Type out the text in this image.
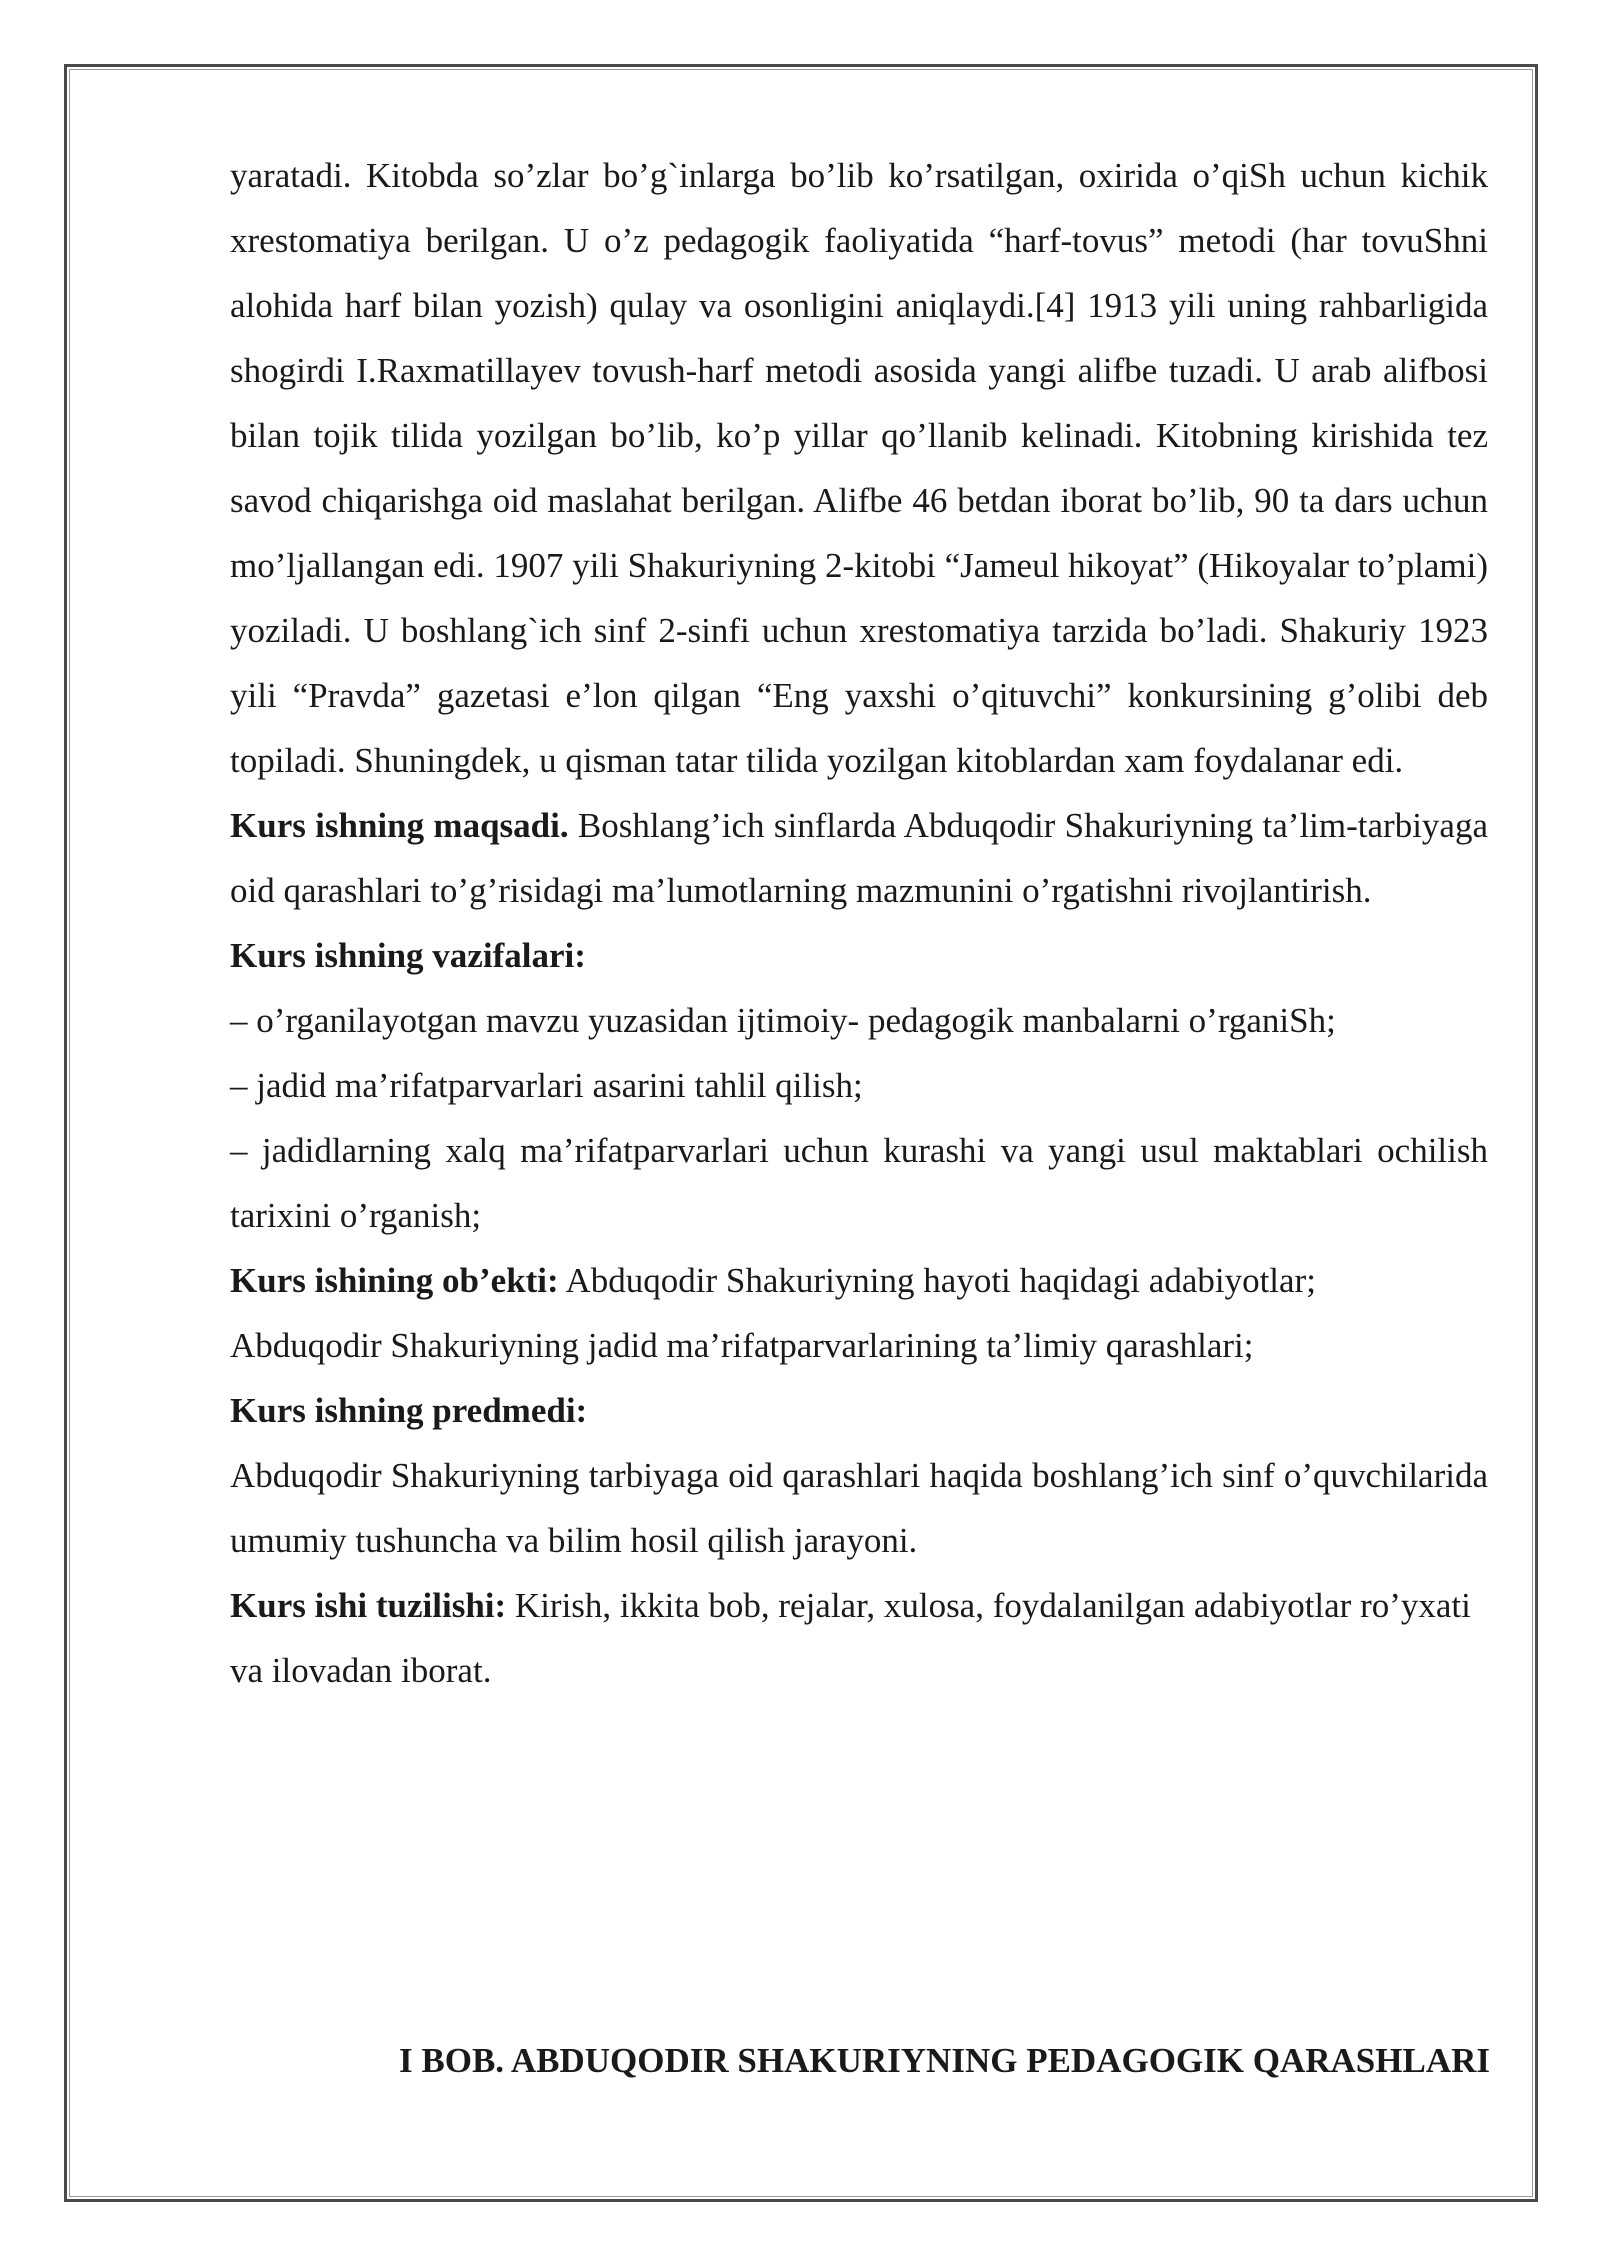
yaratadi. Kitobda so’zlar bo’g`inlarga bo’lib ko’rsatilgan, oxirida o’qiSh uchun kichik xrestomatiya berilgan. U o’z pedagogik faoliyatida “harf-tovus” metodi (har tovuShni alohida harf bilan yozish) qulay va osonligini aniqlaydi.[4] 1913 yili uning rahbarligida shogirdi I.Raxmatillayev tovush-harf metodi asosida yangi alifbe tuzadi. U arab alifbosi bilan tojik tilida yozilgan bo’lib, ko’p yillar qo’llanib kelinadi. Kitobning kirishida tez savod chiqarishga oid maslahat berilgan. Alifbe 46 betdan iborat bo’lib, 90 ta dars uchun mo’ljallangan edi. 1907 yili Shakuriyning 2-kitobi “Jameul hikoyat” (Hikoyalar to’plami) yoziladi. U boshlang`ich sinf 2-sinfi uchun xrestomatiya tarzida bo’ladi. Shakuriy 1923 yili “Pravda” gazetasi e’lon qilgan “Eng yaxshi o’qituvchi” konkursining g’olibi deb topiladi. Shuningdek, u qisman tatar tilida yozilgan kitoblardan xam foydalanar edi.

Kurs ishning maqsadi. Boshlang’ich sinflarda Abduqodir Shakuriyning ta’lim-tarbiyaga oid qarashlari to’g’risidagi ma’lumotlarning mazmunini o’rgatishni rivojlantirish.

Kurs ishning vazifalari:

– o’rganilayotgan mavzu yuzasidan ijtimoiy- pedagogik manbalarni o’rganiSh;

– jadid ma’rifatparvarlari asarini tahlil qilish;

– jadidlarning xalq ma’rifatparvarlari uchun kurashi va yangi usul maktablari ochilish tarixini o’rganish;

Kurs ishining ob’ekti: Abduqodir Shakuriyning hayoti haqidagi adabiyotlar;

Abduqodir Shakuriyning jadid ma’rifatparvarlarining ta’limiy qarashlari;

Kurs ishning predmedi:

Abduqodir Shakuriyning tarbiyaga oid qarashlari haqida boshlang’ich sinf o’quvchilarida umumiy tushuncha va bilim hosil qilish jarayoni.

Kurs ishi tuzilishi: Kirish, ikkita bob, rejalar, xulosa, foydalanilgan adabiyotlar ro’yxati va ilovadan iborat.

I BOB. ABDUQODIR SHAKURIYNING PEDAGOGIK QARASHLARI
